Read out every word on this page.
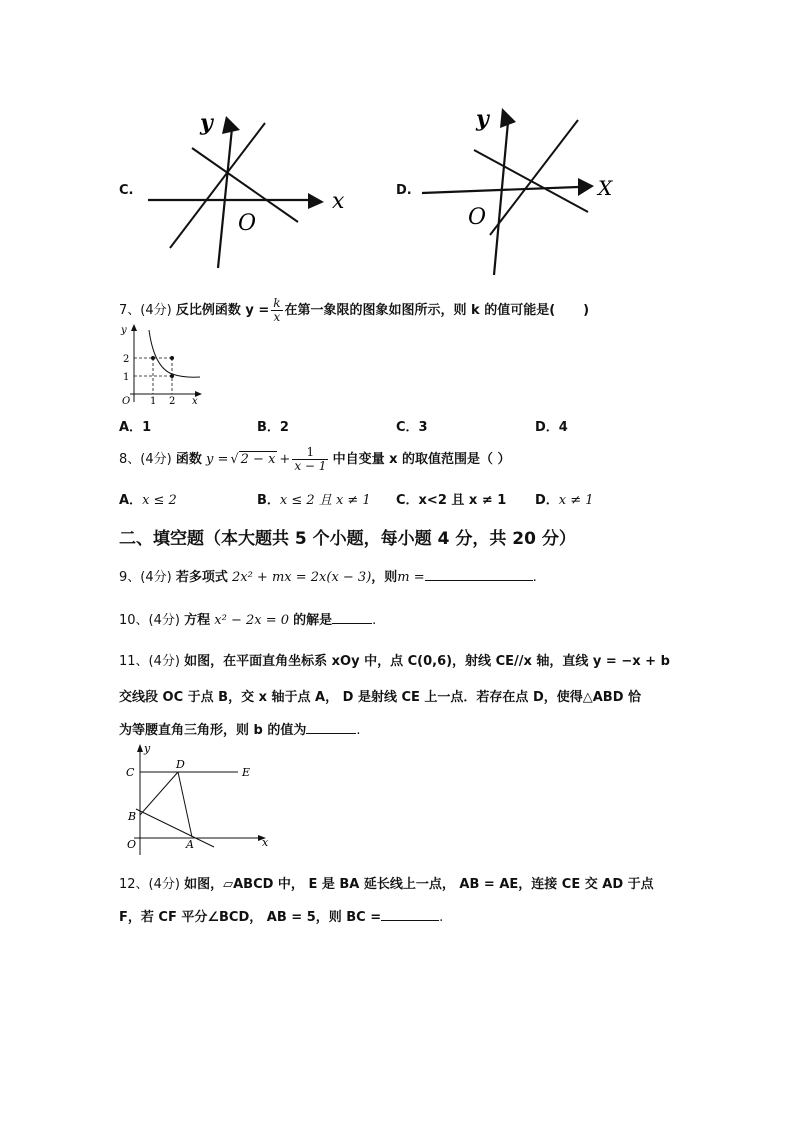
C.
y
x
O
D.
y
X
O
7、(4分) 反比例函数 $y = \frac{k}{x}$ 在第一象限的图象如图所示，则 k 的值可能是( )
y
x
O
2
1
1 2
A．1	B．2	C．3	D．4
8、(4分) 函数 y = √ $2 - x + \frac{1}{x - 1}$ 中自变量 x 的取值范围是（ ）
A．x ≤ 2	B．x ≤ 2 且 x ≠ 1 C．x<2 且 x ≠ 1 D．x ≠ 1
二、填空题（本大题共 5 个小题，每小题 4 分，共 20 分）
9、(4分) 若多项式 2x² + mx = 2x(x − 3)，则m =	.
10、(4分) 方程 x² − 2x = 0 的解是	.
11、(4分) 如图，在平面直角坐标系 xOy 中，点 C(0,6)，射线 CE//x 轴，直线 y = −x + b
交线段 OC 于点 B，交 x 轴于点 A， D 是射线 CE 上一点．若存在点 D，使得△ABD 恰
为等腰直角三角形，则 b 的值为	.
y
x
O	A
B
C
D
E
12、(4分) 如图，▱ABCD 中， E 是 BA 延长线上一点， AB = AE，连接 CE 交 AD 于点
F，若 CF 平分∠BCD， AB = 5，则 BC =	.
